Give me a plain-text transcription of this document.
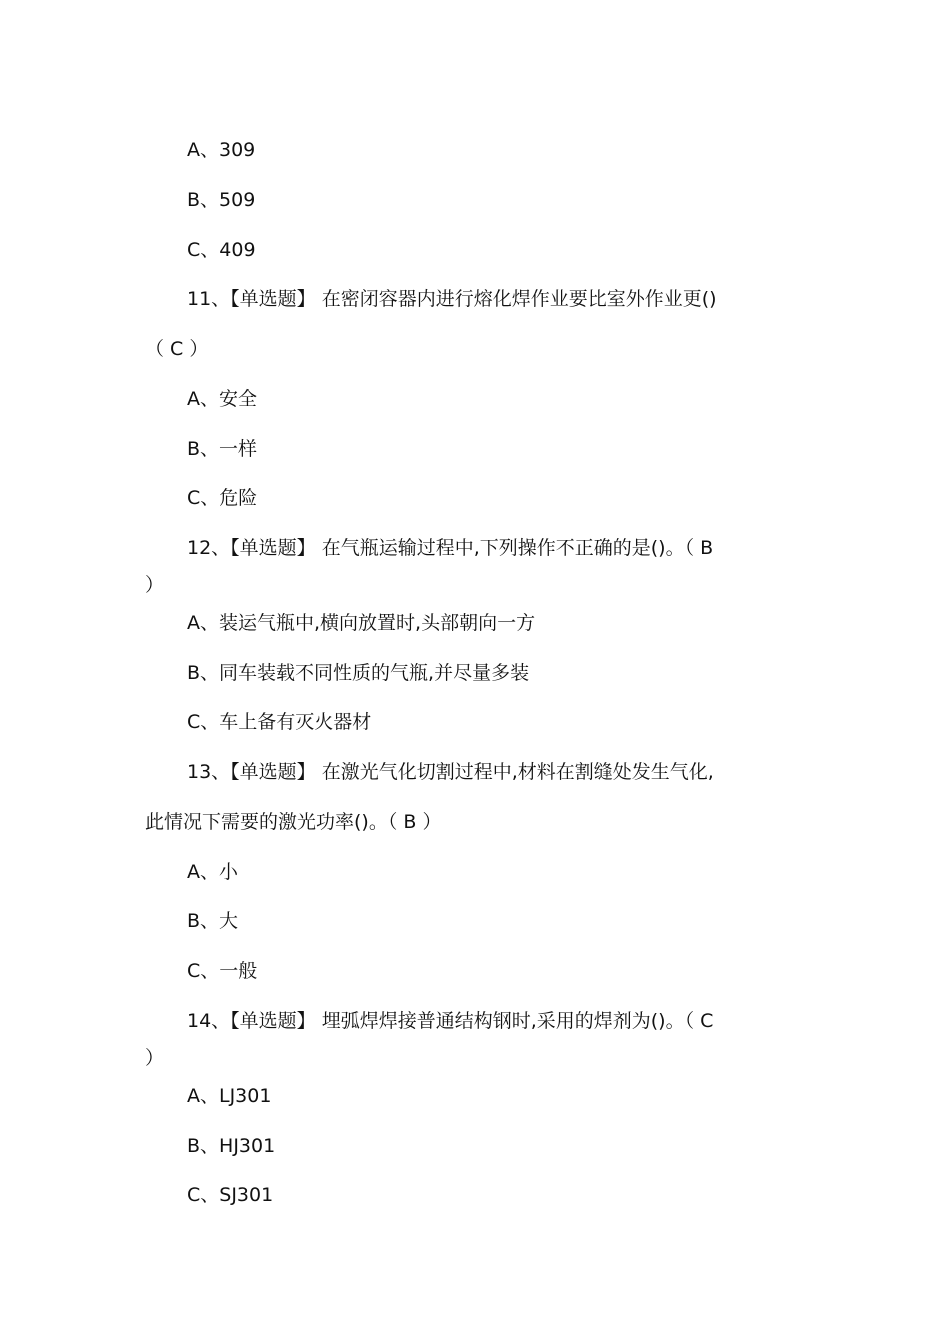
A、309
B、509
C、409
11、【单选题】 在密闭容器内进行熔化焊作业要比室外作业更()
（ C ）
A、安全
B、一样
C、危险
12、【单选题】 在气瓶运输过程中,下列操作不正确的是()。（ B
）
A、装运气瓶中,横向放置时,头部朝向一方
B、同车装载不同性质的气瓶,并尽量多装
C、车上备有灭火器材
13、【单选题】 在激光气化切割过程中,材料在割缝处发生气化,
此情况下需要的激光功率()。（ B ）
A、小
B、大
C、一般
14、【单选题】 埋弧焊焊接普通结构钢时,采用的焊剂为()。（ C
）
A、LJ301
B、HJ301
C、SJ301
